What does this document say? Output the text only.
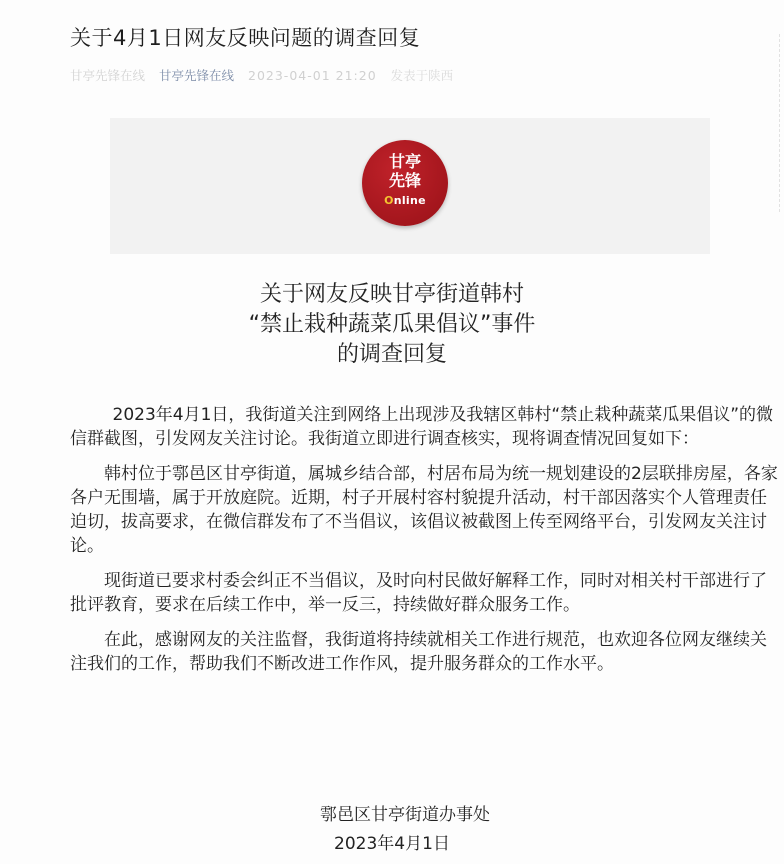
关于4月1日网友反映问题的调查回复
甘亭先锋在线 甘亭先锋在线 2023-04-01 21:20 发表于陕西
甘亭
先锋
Online
关于网友反映甘亭街道韩村
“禁止栽种蔬菜瓜果倡议”事件
的调查回复

2023年4月1日，我街道关注到网络上出现涉及我辖区韩村“禁止栽种蔬菜瓜果倡议”的微信群截图，引发网友关注讨论。我街道立即进行调查核实，现将调查情况回复如下：

韩村位于鄠邑区甘亭街道，属城乡结合部，村居布局为统一规划建设的2层联排房屋，各家各户无围墙，属于开放庭院。近期，村子开展村容村貌提升活动，村干部因落实个人管理责任迫切，拔高要求，在微信群发布了不当倡议，该倡议被截图上传至网络平台，引发网友关注讨论。

现街道已要求村委会纠正不当倡议，及时向村民做好解释工作，同时对相关村干部进行了批评教育，要求在后续工作中，举一反三，持续做好群众服务工作。

在此，感谢网友的关注监督，我街道将持续就相关工作进行规范，也欢迎各位网友继续关注我们的工作，帮助我们不断改进工作作风，提升服务群众的工作水平。

鄠邑区甘亭街道办事处
2023年4月1日
